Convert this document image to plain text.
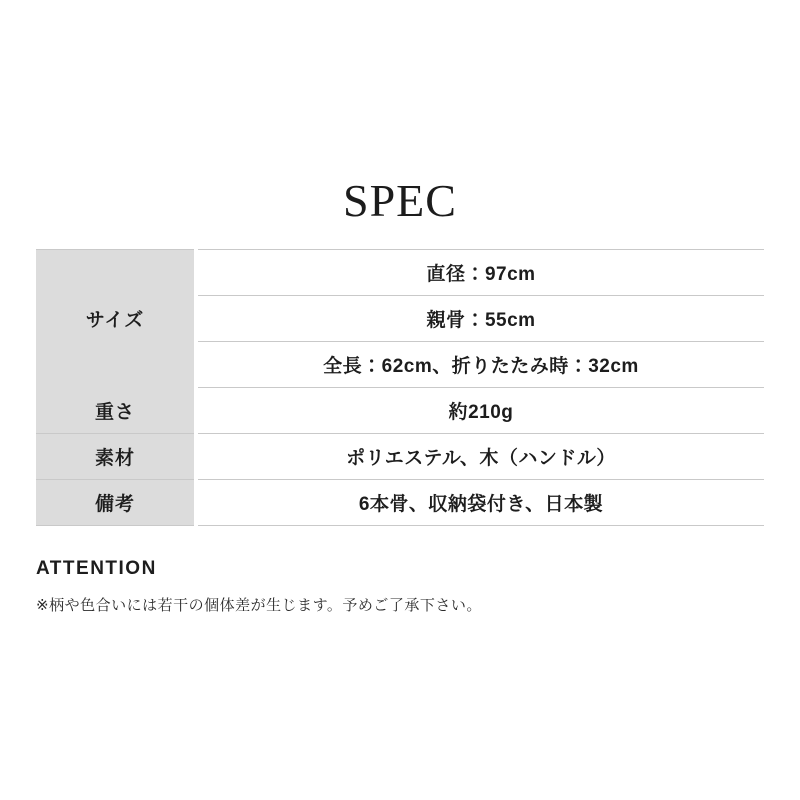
SPEC
サイズ	直径：97cm
	親骨：55cm
	全長：62cm、折りたたみ時：32cm
重さ	約210g
素材	ポリエステル、木（ハンドル）
備考	6本骨、収納袋付き、日本製
ATTENTION
※柄や色合いには若干の個体差が生じます。予めご了承下さい。
